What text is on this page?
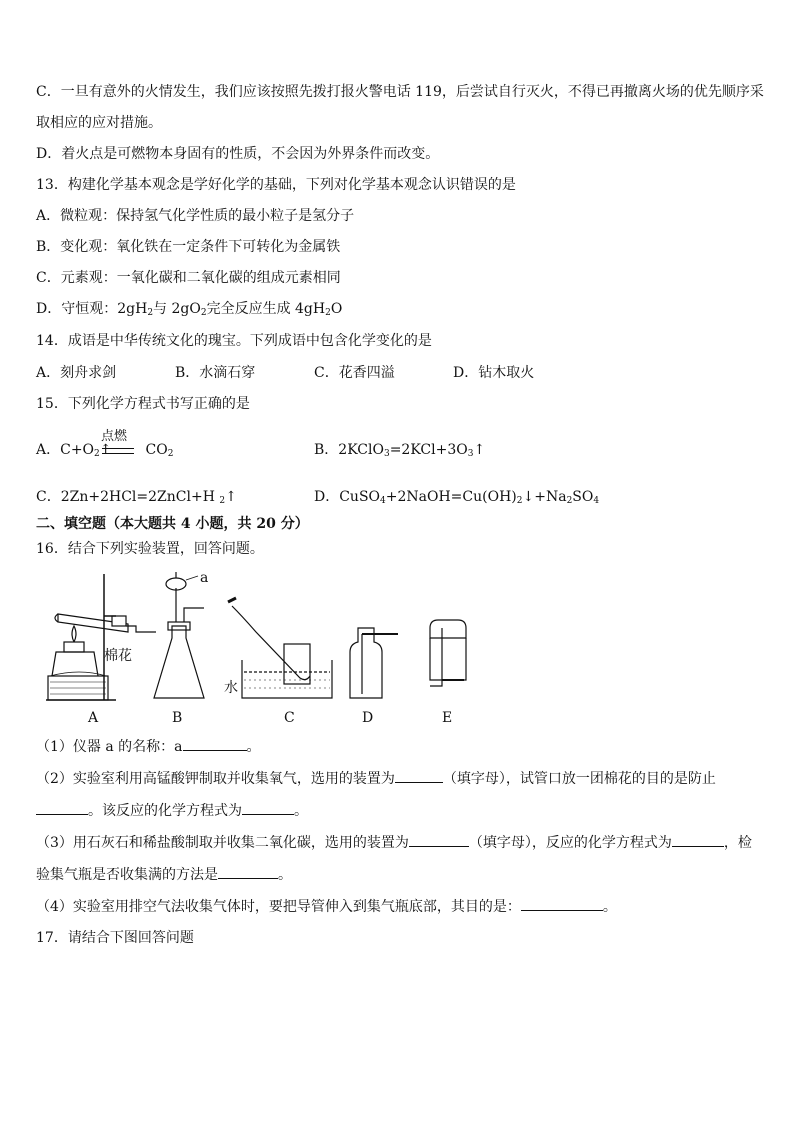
C．一旦有意外的火情发生，我们应该按照先拨打报火警电话 119，后尝试自行灭火，不得已再撤离火场的优先顺序采
取相应的应对措施。
D．着火点是可燃物本身固有的性质，不会因为外界条件而改变。
13．构建化学基本观念是学好化学的基础，下列对化学基本观念认识错误的是
A．微粒观：保持氢气化学性质的最小粒子是氢分子
B．变化观：氧化铁在一定条件下可转化为金属铁
C．元素观：一氧化碳和二氧化碳的组成元素相同
D．守恒观：$2gH_2$与 $2gO_2$完全反应生成 $4gH_2O$
14．成语是中华传统文化的瑰宝。下列成语中包含化学变化的是
A．刻舟求剑	B．水滴石穿	C．花香四溢	D．钻木取火
15．下列化学方程式书写正确的是
A．$C+O_2↑$ $CO_2$
点燃
B．$2KClO_3=2KCl+3O_3↑$
C．2Zn+2HCl=2ZnCl+H $_2$↑	D．$CuSO_4+2NaOH=Cu(OH)_2↓+Na_2SO_4$
二、填空题（本大题共 4 小题，共 20 分）
16．结合下列实验装置，回答问题。
棉花
a
水
A	B	C	D	E
（1）仪器 a 的名称：a	。
（2）实验室利用高锰酸钾制取并收集氧气，选用的装置为	（填字母），试管口放一团棉花的目的是防止
。该反应的化学方程式为	。
（3）用石灰石和稀盐酸制取并收集二氧化碳，选用的装置为	（填字母），反应的化学方程式为	，检
验集气瓶是否收集满的方法是	。
（4）实验室用排空气法收集气体时，要把导管伸入到集气瓶底部，其目的是：	。
17．请结合下图回答问题
